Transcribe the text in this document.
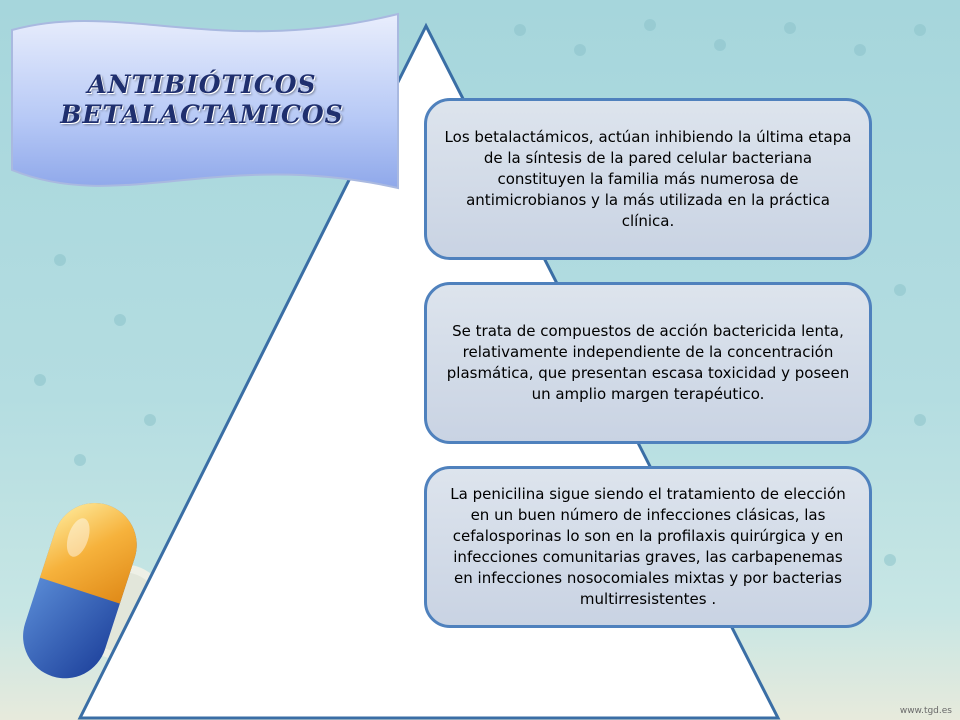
ANTIBIÓTICOS
BETALACTAMICOS
Los betalactámicos, actúan inhibiendo la última etapa de la síntesis de la pared celular bacteriana constituyen la familia más numerosa de antimicrobianos y la más utilizada en la práctica clínica.
Se trata de compuestos de acción bactericida lenta, relativamente independiente de la concentración plasmática, que presentan escasa toxicidad y poseen un amplio margen terapéutico.
La penicilina sigue siendo el tratamiento de elección en un buen número de infecciones clásicas, las cefalosporinas lo son en la profilaxis quirúrgica y en infecciones comunitarias graves, las carbapenemas en infecciones nosocomiales mixtas y por bacterias multirresistentes .
www.tgd.es
